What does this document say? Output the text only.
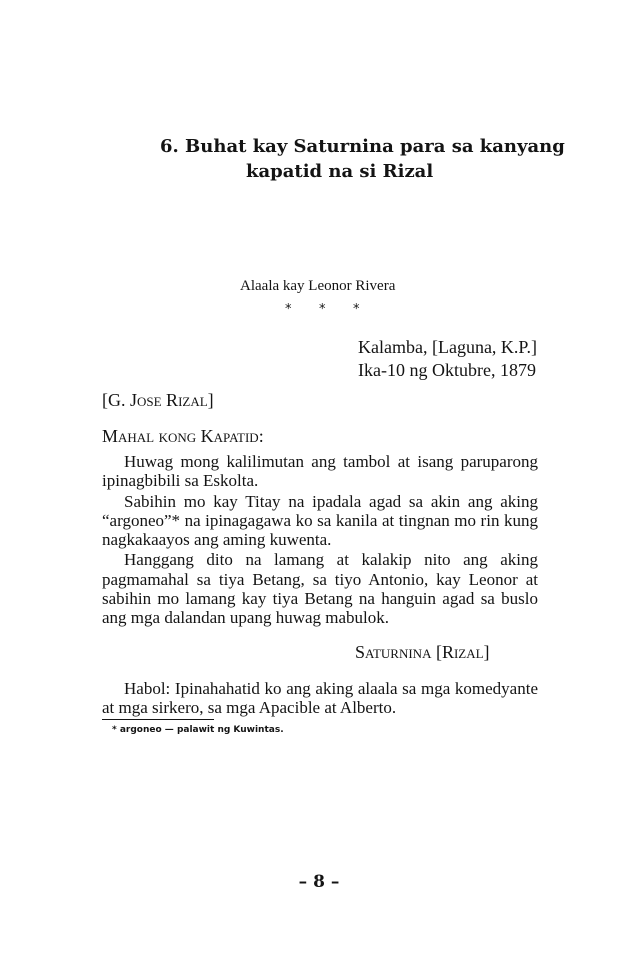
6. Buhat kay Saturnina para sa kanyang
kapatid na si Rizal
Alaala kay Leonor Rivera
* * *
Kalamba, [Laguna, K.P.]
Ika-10 ng Oktubre, 1879
[G. Jose Rizal]
Mahal kong Kapatid:

Huwag mong kalilimutan ang tambol at isang paruparong ipinagbibili sa Eskolta.

Sabihin mo kay Titay na ipadala agad sa akin ang aking “argoneo”* na ipinagagawa ko sa kanila at tingnan mo rin kung nagkakaayos ang aming kuwenta.

Hanggang dito na lamang at kalakip nito ang aking pagmamahal sa tiya Betang, sa tiyo Antonio, kay Leonor at sabihin mo lamang kay tiya Betang na hanguin agad sa buslo ang mga dalandan upang huwag mabulok.

Saturnina [Rizal]

Habol: Ipinahahatid ko ang aking alaala sa mga komedyante at mga sirkero, sa mga Apacible at Alberto.

* argoneo — palawit ng Kuwintas.
– 8 –
